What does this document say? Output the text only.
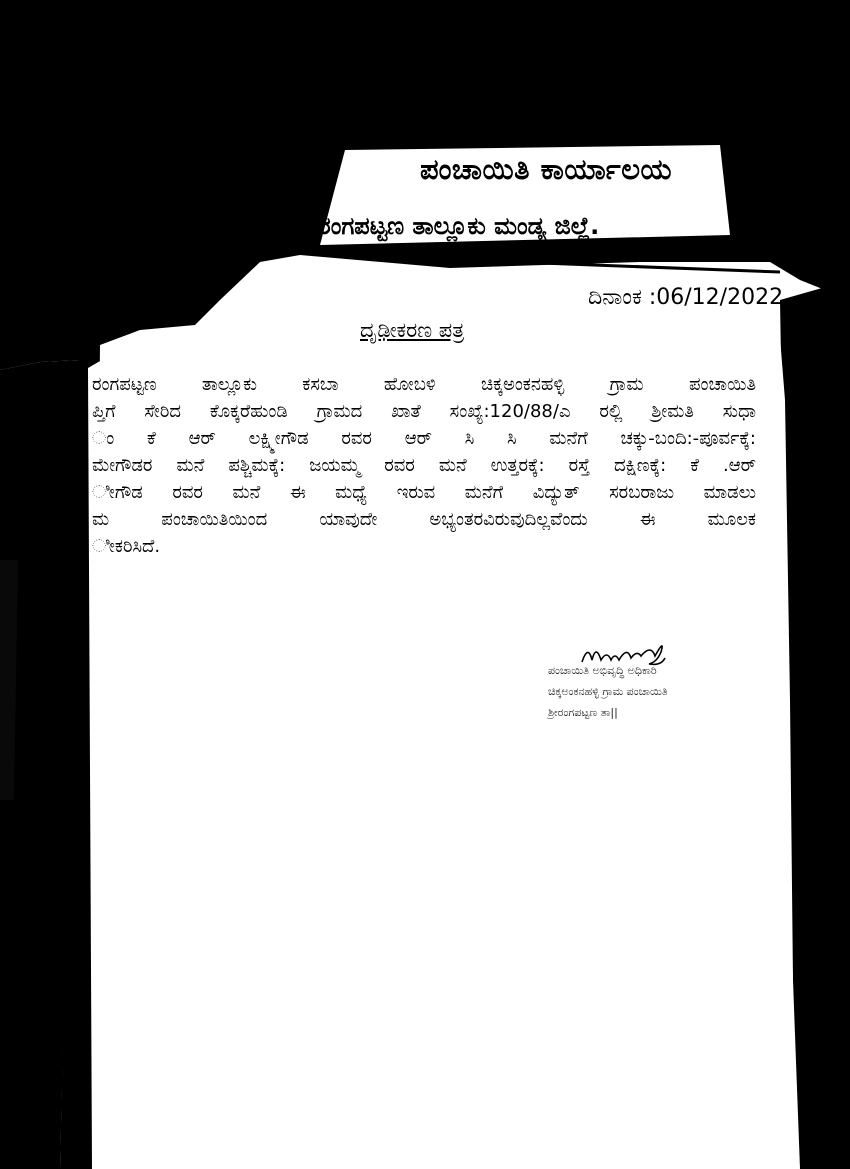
ಪಂಚಾಯಿತಿ ಕಾರ್ಯಾಲಯ
ರಂಗಪಟ್ಟಣ ತಾಲ್ಲೂಕು ಮಂಡ್ಯ ಜಿಲ್ಲೆ.
ದಿನಾಂಕ :06/12/2022
ದೃಢೀಕರಣ ಪತ್ರ
ರಂಗಪಟ್ಟಣ ತಾಲ್ಲೂಕು ಕಸಬಾ ಹೋಬಳಿ ಚಿಕ್ಕಅಂಕನಹಳ್ಳಿ ಗ್ರಾಮ ಪಂಚಾಯಿತಿ
ಪ್ತಿಗೆ ಸೇರಿದ ಕೊಕ್ಕರೆಹುಂಡಿ ಗ್ರಾಮದ ಖಾತೆ ಸಂಖ್ಯೆ:120/88/ಎ ರಲ್ಲಿ ಶ್ರೀಮತಿ ಸುಧಾ
ಂ ಕೆ ಆರ್ ಲಕ್ಷ್ಮೀಗೌಡ ರವರ ಆರ್ ಸಿ ಸಿ ಮನೆಗೆ ಚಕ್ಕು-ಬಂದಿ:-ಪೂರ್ವಕ್ಕೆ:
ಮೇಗೌಡರ ಮನೆ ಪಶ್ಚಿಮಕ್ಕೆ: ಜಯಮ್ಮ ರವರ ಮನೆ ಉತ್ತರಕ್ಕೆ: ರಸ್ತೆ ದಕ್ಷಿಣಕ್ಕೆ: ಕೆ .ಆರ್
ೀಗೌಡ ರವರ ಮನೆ ಈ ಮಧ್ಯೆ ಇರುವ ಮನೆಗೆ ವಿದ್ಯುತ್ ಸರಬರಾಜು ಮಾಡಲು
ಮ ಪಂಚಾಯಿತಿಯಿಂದ ಯಾವುದೇ ಅಭ್ಯಂತರವಿರುವುದಿಲ್ಲವೆಂದು ಈ ಮೂಲಕ
ೀಕರಿಸಿದೆ.
ಪಂಚಾಯಿತಿ ಅಭಿವೃದ್ಧಿ ಅಧಿಕಾರಿ
ಚಿಕ್ಕಅಂಕನಹಳ್ಳಿ ಗ್ರಾಮ ಪಂಚಾಯಿತಿ
ಶ್ರೀರಂಗಪಟ್ಟಣ ತಾ||
